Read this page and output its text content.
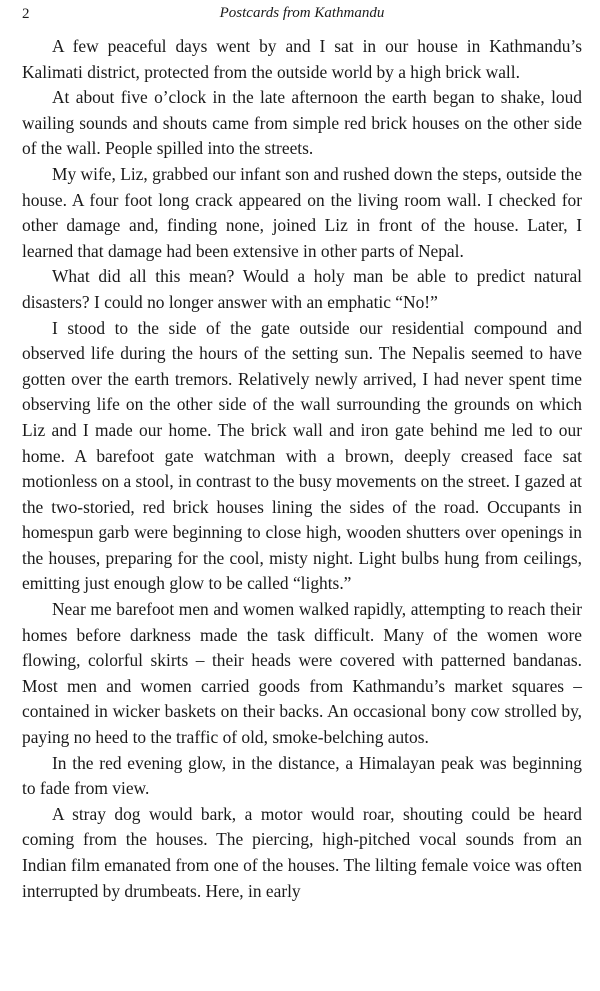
2	Postcards from Kathmandu

A few peaceful days went by and I sat in our house in Kathmandu’s Kalimati district, protected from the outside world by a high brick wall.

At about five o’clock in the late afternoon the earth began to shake, loud wailing sounds and shouts came from simple red brick houses on the other side of the wall. People spilled into the streets.

My wife, Liz, grabbed our infant son and rushed down the steps, outside the house. A four foot long crack appeared on the living room wall. I checked for other damage and, finding none, joined Liz in front of the house. Later, I learned that damage had been extensive in other parts of Nepal.

What did all this mean? Would a holy man be able to predict natural disasters? I could no longer answer with an emphatic “No!”

I stood to the side of the gate outside our residential compound and observed life during the hours of the setting sun. The Nepalis seemed to have gotten over the earth tremors. Relatively newly arrived, I had never spent time observing life on the other side of the wall surrounding the grounds on which Liz and I made our home. The brick wall and iron gate behind me led to our home. A barefoot gate watchman with a brown, deeply creased face sat motionless on a stool, in contrast to the busy movements on the street. I gazed at the two-storied, red brick houses lining the sides of the road. Occupants in homespun garb were beginning to close high, wooden shutters over openings in the houses, preparing for the cool, misty night. Light bulbs hung from ceilings, emitting just enough glow to be called “lights.”

Near me barefoot men and women walked rapidly, attempting to reach their homes before darkness made the task difficult. Many of the women wore flowing, colorful skirts – their heads were covered with patterned bandanas. Most men and women carried goods from Kathmandu’s market squares – contained in wicker baskets on their backs. An occasional bony cow strolled by, paying no heed to the traffic of old, smoke-belching autos.

In the red evening glow, in the distance, a Himalayan peak was beginning to fade from view.

A stray dog would bark, a motor would roar, shouting could be heard coming from the houses. The piercing, high-pitched vocal sounds from an Indian film emanated from one of the houses. The lilting female voice was often interrupted by drumbeats. Here, in early
